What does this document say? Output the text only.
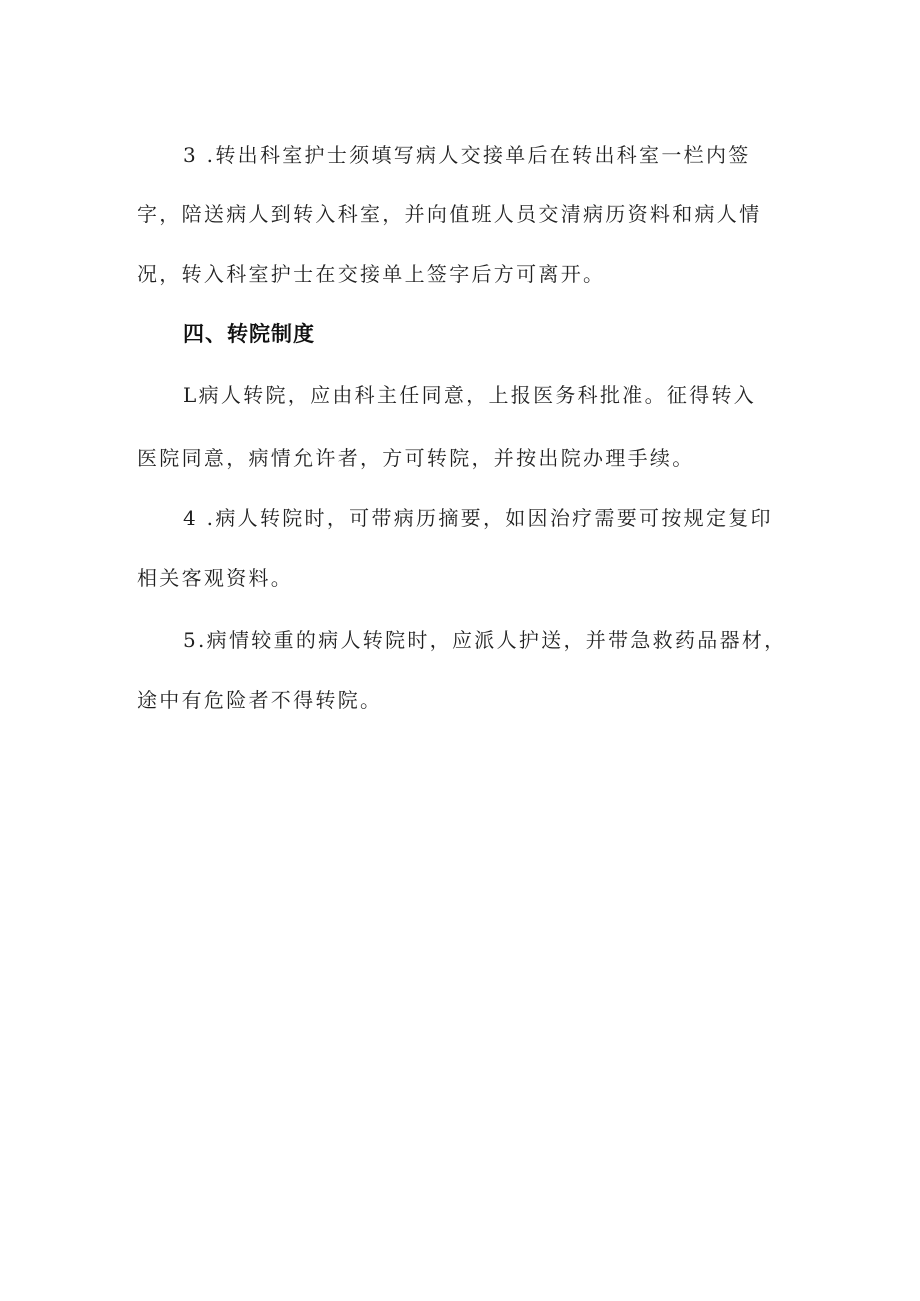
3 .转出科室护士须填写病人交接单后在转出科室一栏内签
字，陪送病人到转入科室，并向值班人员交清病历资料和病人情
况，转入科室护士在交接单上签字后方可离开。
四、转院制度
L病人转院，应由科主任同意，上报医务科批准。征得转入
医院同意，病情允许者，方可转院，并按出院办理手续。
4 .病人转院时，可带病历摘要，如因治疗需要可按规定复印
相关客观资料。
5.病情较重的病人转院时，应派人护送，并带急救药品器材，
途中有危险者不得转院。
